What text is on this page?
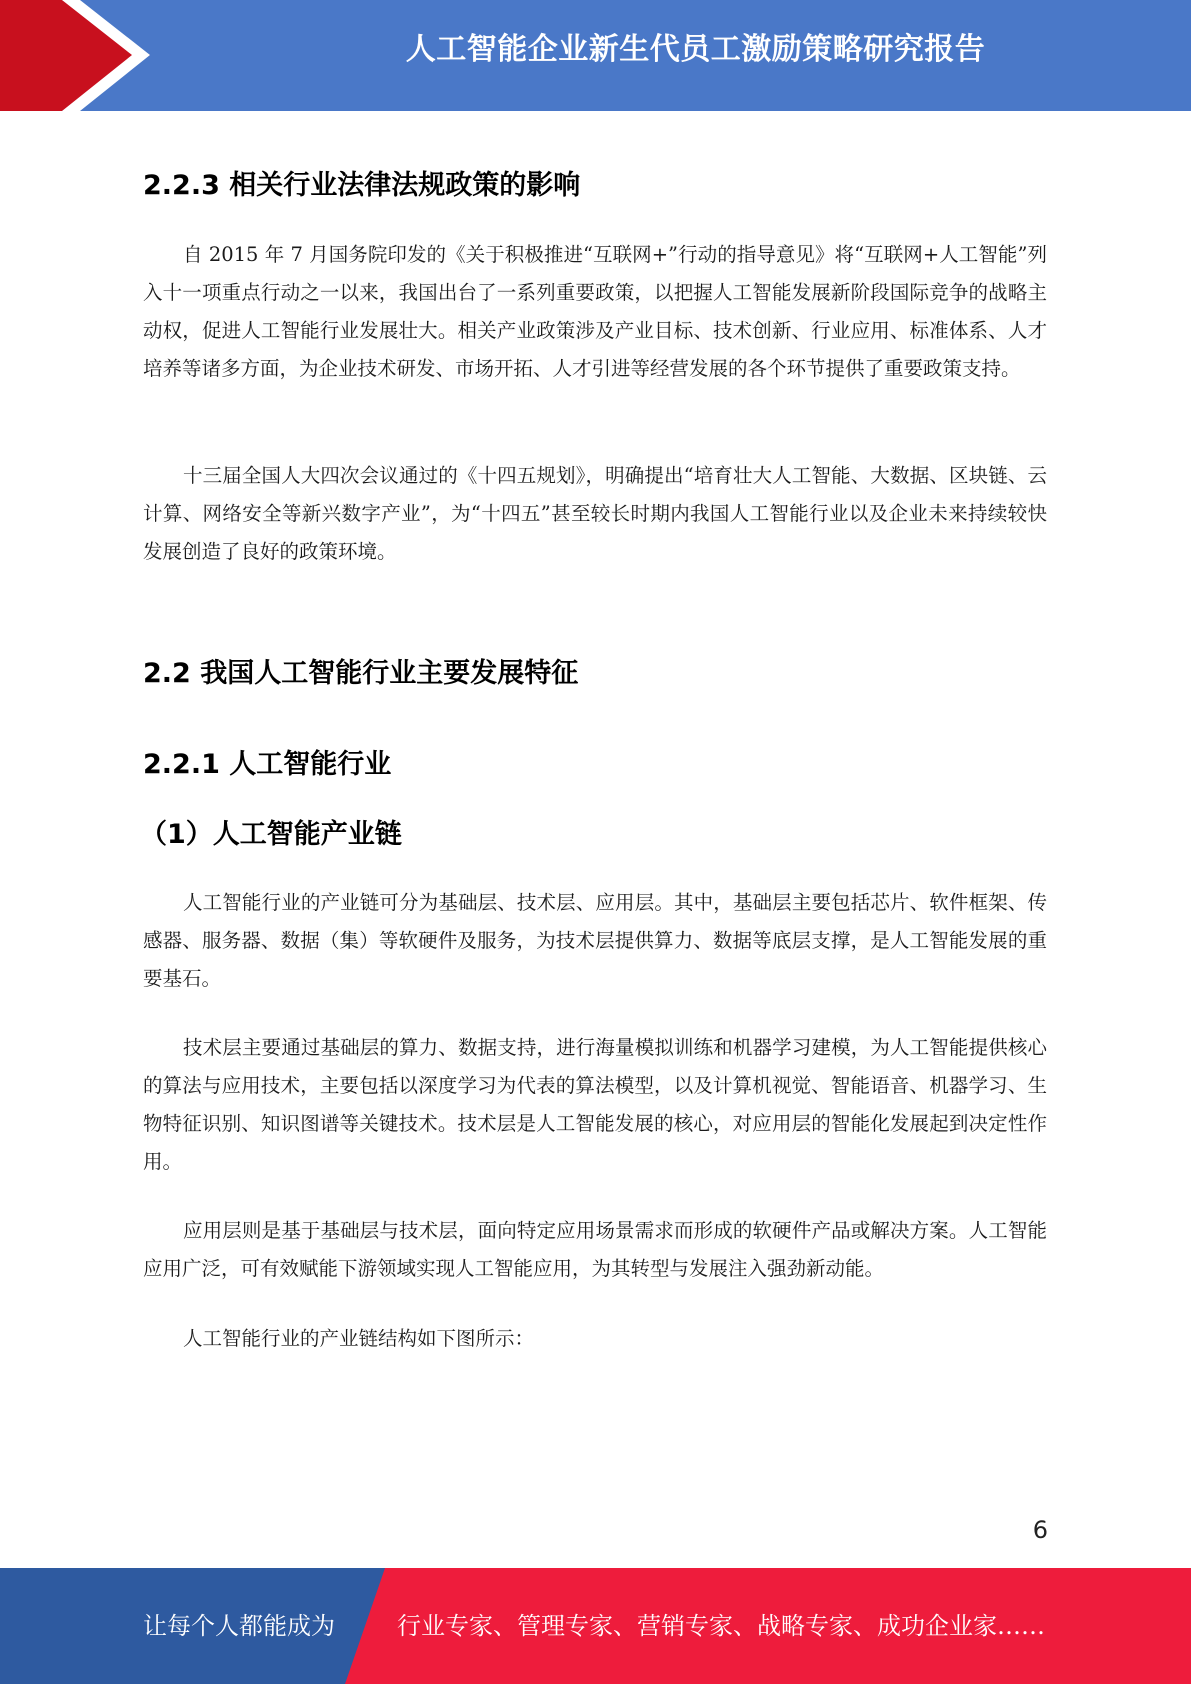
人工智能企业新生代员工激励策略研究报告
2.2.3 相关行业法律法规政策的影响

自 2015 年 7 月国务院印发的《关于积极推进“互联网+”行动的指导意见》将“互联网+人工智能”列入十一项重点行动之一以来，我国出台了一系列重要政策，以把握人工智能发展新阶段国际竞争的战略主动权，促进人工智能行业发展壮大。相关产业政策涉及产业目标、技术创新、行业应用、标准体系、人才培养等诸多方面，为企业技术研发、市场开拓、人才引进等经营发展的各个环节提供了重要政策支持。

十三届全国人大四次会议通过的《十四五规划》，明确提出“培育壮大人工智能、大数据、区块链、云计算、网络安全等新兴数字产业”，为“十四五”甚至较长时期内我国人工智能行业以及企业未来持续较快发展创造了良好的政策环境。

2.2 我国人工智能行业主要发展特征
2.2.1 人工智能行业
（1）人工智能产业链

人工智能行业的产业链可分为基础层、技术层、应用层。其中，基础层主要包括芯片、软件框架、传感器、服务器、数据（集）等软硬件及服务，为技术层提供算力、数据等底层支撑，是人工智能发展的重要基石。

技术层主要通过基础层的算力、数据支持，进行海量模拟训练和机器学习建模，为人工智能提供核心的算法与应用技术，主要包括以深度学习为代表的算法模型，以及计算机视觉、智能语音、机器学习、生物特征识别、知识图谱等关键技术。技术层是人工智能发展的核心，对应用层的智能化发展起到决定性作用。

应用层则是基于基础层与技术层，面向特定应用场景需求而形成的软硬件产品或解决方案。人工智能应用广泛，可有效赋能下游领域实现人工智能应用，为其转型与发展注入强劲新动能。

人工智能行业的产业链结构如下图所示：

6
让每个人都能成为	行业专家、管理专家、营销专家、战略专家、成功企业家……
